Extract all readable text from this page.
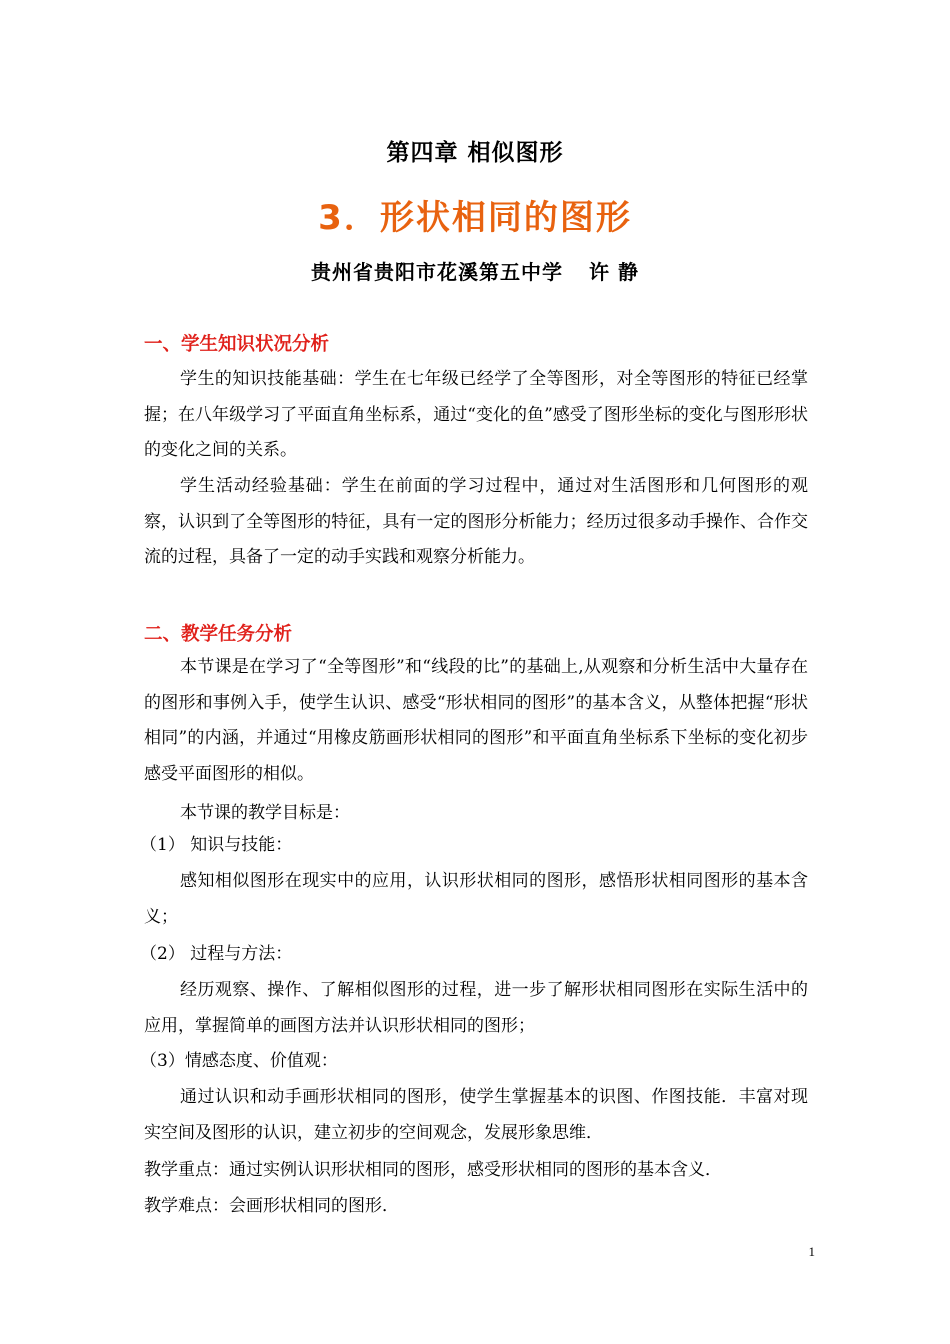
第四章 相似图形
3．形状相同的图形
贵州省贵阳市花溪第五中学 许 静
一、学生知识状况分析
学生的知识技能基础：学生在七年级已经学了全等图形，对全等图形的特征已经掌握；在八年级学习了平面直角坐标系，通过“变化的鱼”感受了图形坐标的变化与图形形状的变化之间的关系。
学生活动经验基础：学生在前面的学习过程中，通过对生活图形和几何图形的观察，认识到了全等图形的特征，具有一定的图形分析能力；经历过很多动手操作、合作交流的过程，具备了一定的动手实践和观察分析能力。
二、教学任务分析
本节课是在学习了“全等图形”和“线段的比”的基础上,从观察和分析生活中大量存在的图形和事例入手，使学生认识、感受“形状相同的图形”的基本含义，从整体把握“形状相同”的内涵，并通过“用橡皮筋画形状相同的图形”和平面直角坐标系下坐标的变化初步感受平面图形的相似。
本节课的教学目标是：
（1） 知识与技能：
感知相似图形在现实中的应用，认识形状相同的图形，感悟形状相同图形的基本含义；
（2） 过程与方法：
经历观察、操作、了解相似图形的过程，进一步了解形状相同图形在实际生活中的应用，掌握简单的画图方法并认识形状相同的图形；
（3）情感态度、价值观：
通过认识和动手画形状相同的图形，使学生掌握基本的识图、作图技能．丰富对现实空间及图形的认识，建立初步的空间观念，发展形象思维．
教学重点：通过实例认识形状相同的图形，感受形状相同的图形的基本含义．
教学难点：会画形状相同的图形．
1
